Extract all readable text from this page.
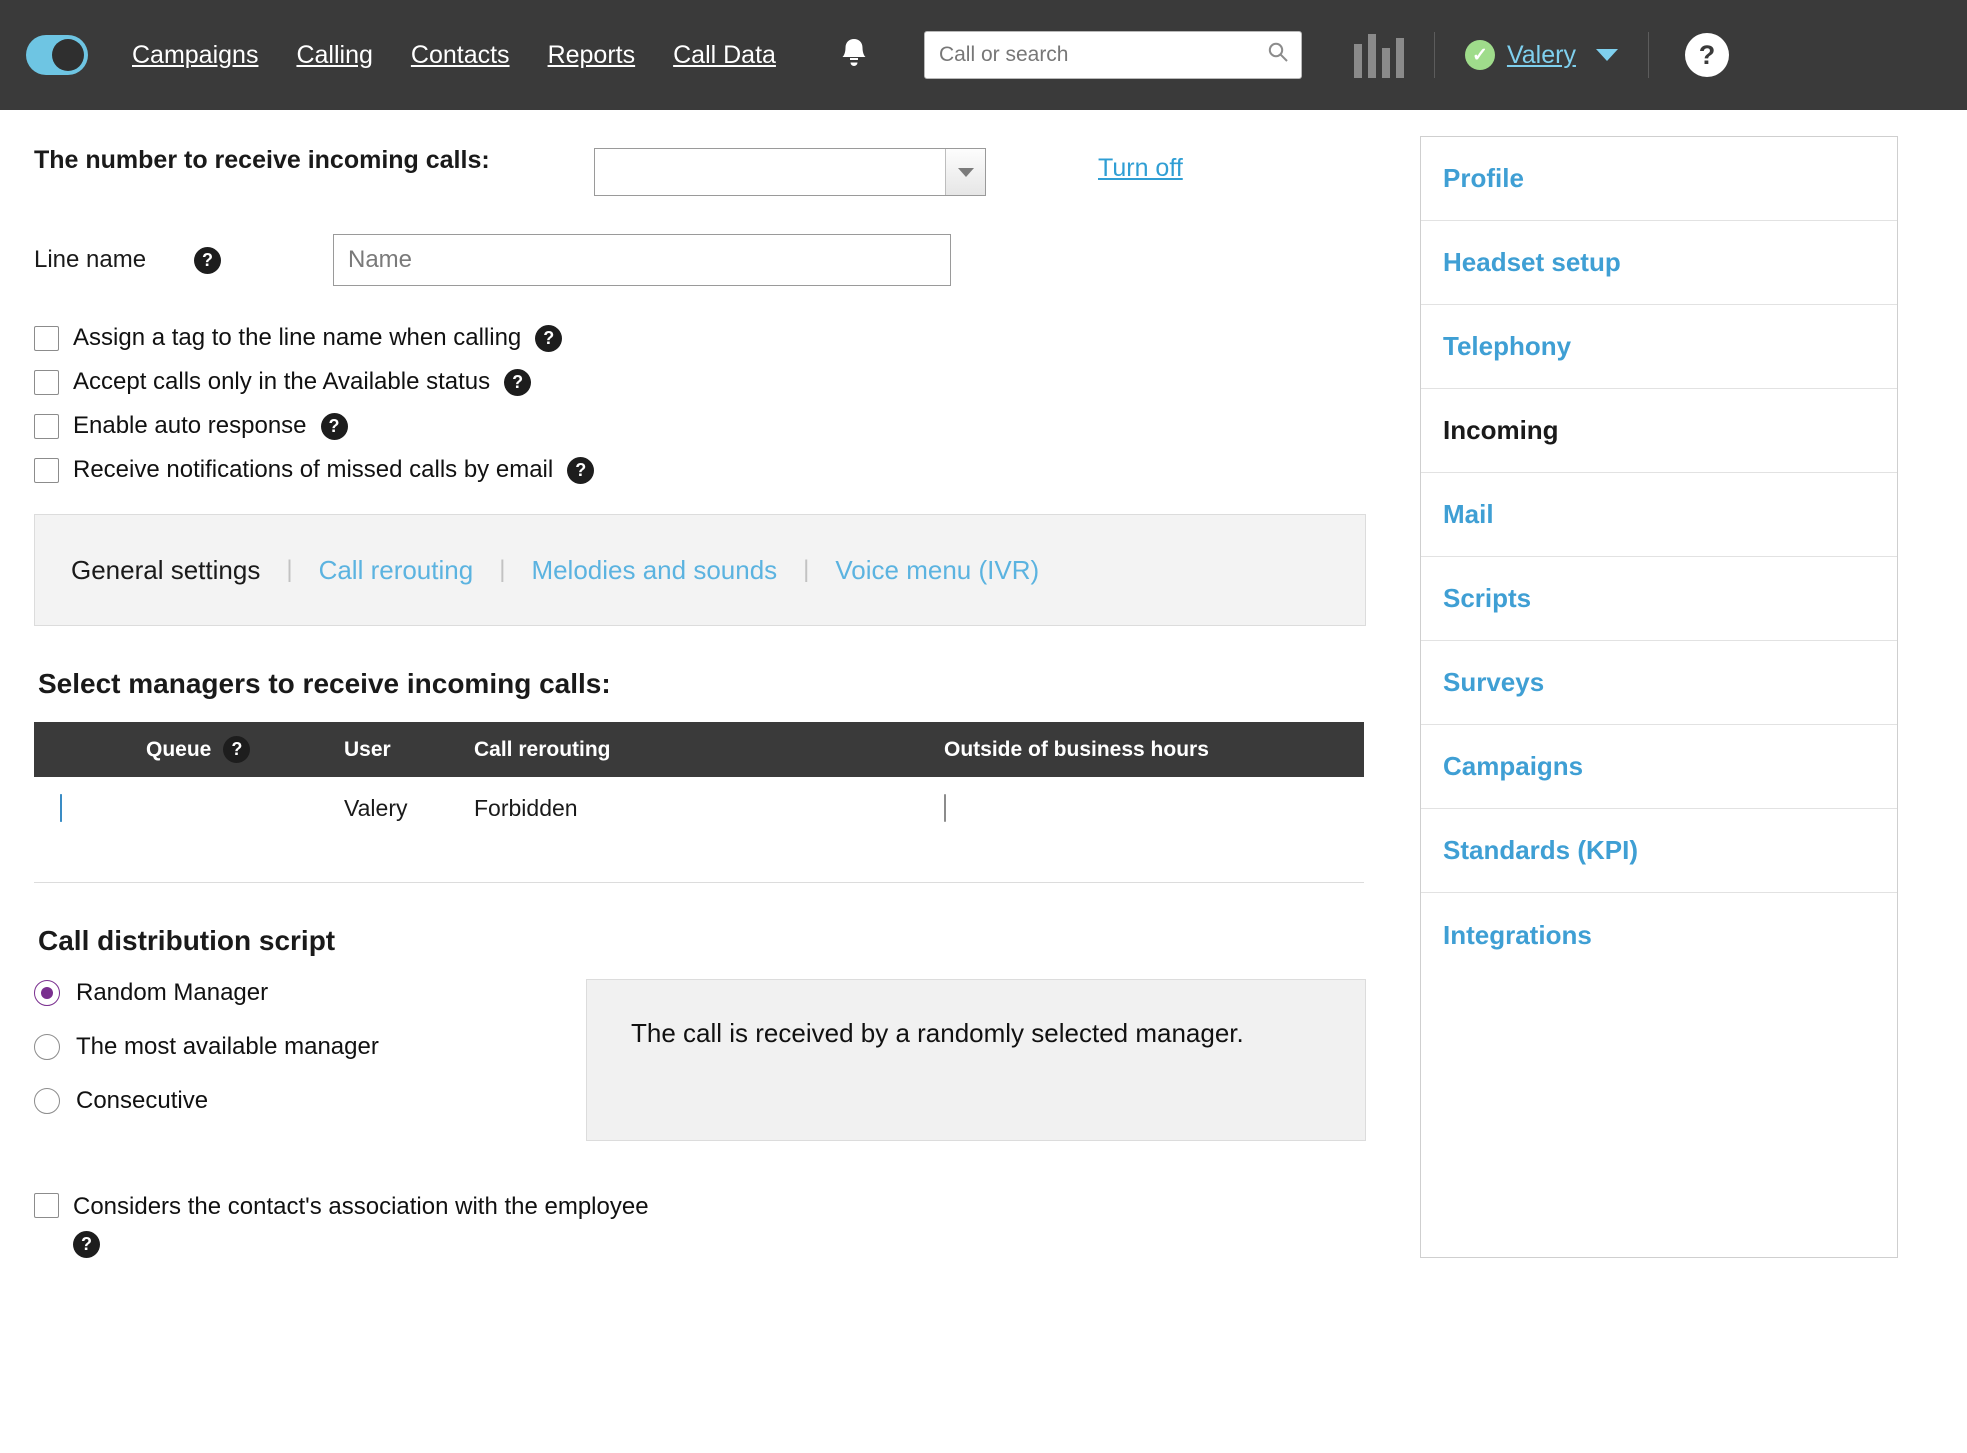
Campaigns Calling Contacts Reports Call Data
Call or search	✓ Valery	?
The number to receive incoming calls:	Turn off
Line name	?
Name
Assign a tag to the line name when calling	?
Accept calls only in the Available status	?
Enable auto response	?
Receive notifications of missed calls by email	?
General settings	|	Call rerouting	|	Melodies and sounds	|	Voice menu (IVR)
Select managers to receive incoming calls:
Queue ?	User	Call rerouting	Outside of business hours
	Valery	Forbidden	
Call distribution script
Random Manager
The most available manager
Consecutive
The call is received by a randomly selected manager.
Considers the contact's association with the employee
?
Profile
Headset setup
Telephony
Incoming
Mail
Scripts
Surveys
Campaigns
Standards (KPI)
Integrations
